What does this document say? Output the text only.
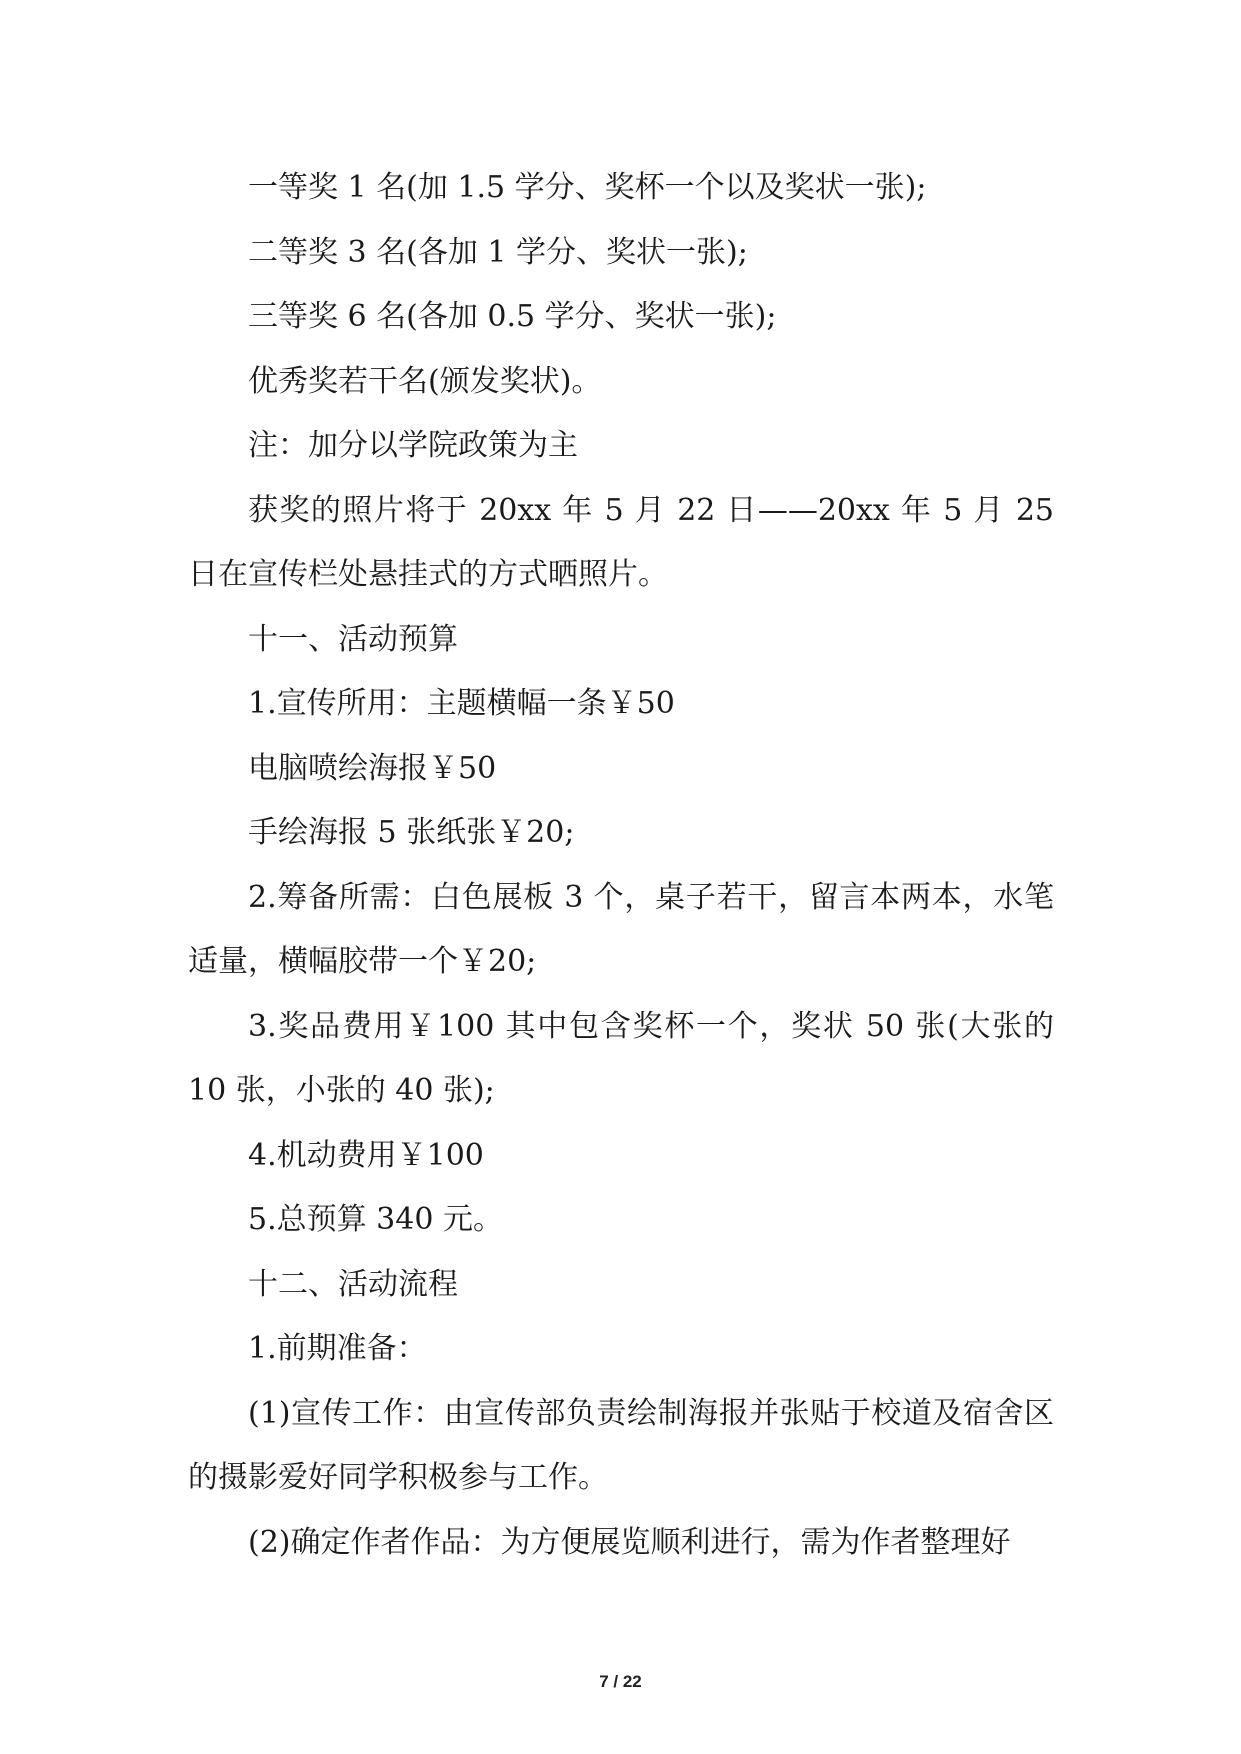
一等奖 1 名(加 1.5 学分、奖杯一个以及奖状一张);

二等奖 3 名(各加 1 学分、奖状一张);

三等奖 6 名(各加 0.5 学分、奖状一张);

优秀奖若干名(颁发奖状)。

注：加分以学院政策为主

获奖的照片将于 20xx 年 5 月 22 日——20xx 年 5 月 25 日在宣传栏处悬挂式的方式晒照片。

十一、活动预算

1.宣传所用：主题横幅一条￥50

电脑喷绘海报￥50

手绘海报 5 张纸张￥20;

2.筹备所需：白色展板 3 个，桌子若干，留言本两本，水笔适量，横幅胶带一个￥20;

3.奖品费用￥100 其中包含奖杯一个，奖状 50 张(大张的 10 张，小张的 40 张);

4.机动费用￥100

5.总预算 340 元。

十二、活动流程

1.前期准备：

(1)宣传工作：由宣传部负责绘制海报并张贴于校道及宿舍区的摄影爱好同学积极参与工作。

(2)确定作者作品：为方便展览顺利进行，需为作者整理好

7 / 22
